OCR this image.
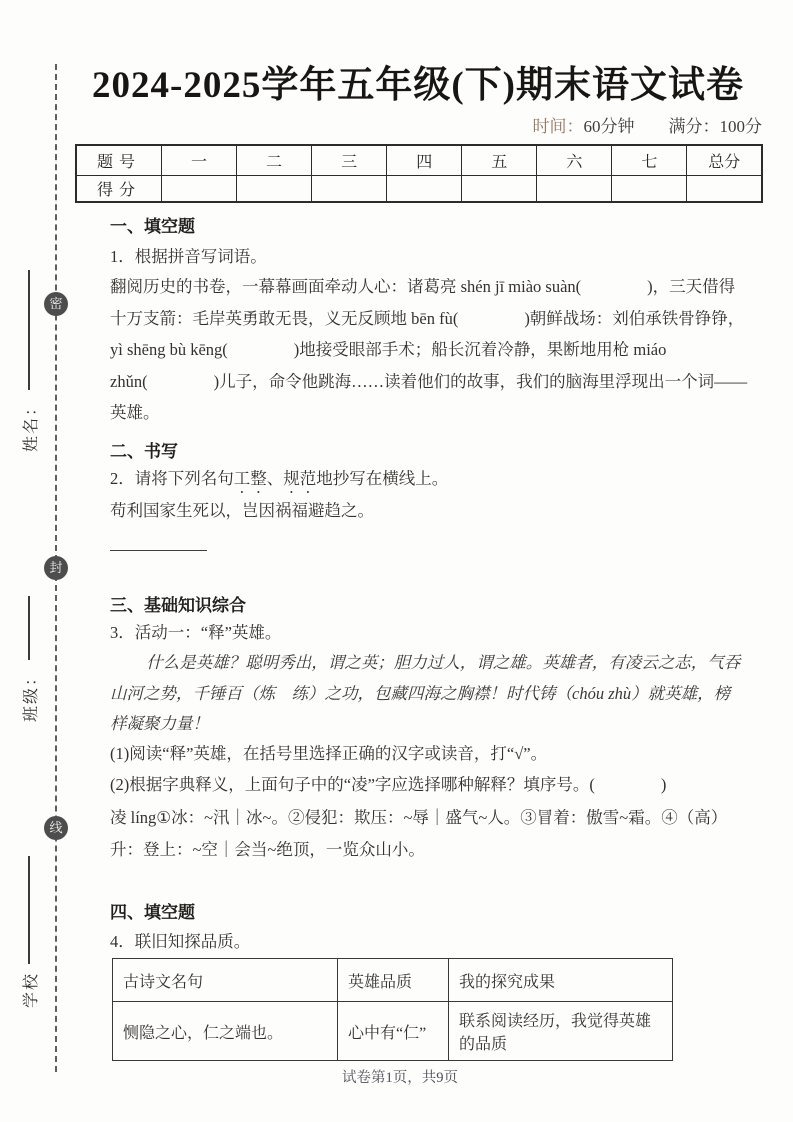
密
封
线
姓名：
班级：
学校
2024-2025学年五年级(下)期末语文试卷
时间：60分钟 满分：100分
题号	一	二	三	四	五	六	七	总分
得分								
一、填空题
1．根据拼音写词语。
翻阅历史的书卷，一幕幕画面牵动人心：诸葛亮 shén jī miào suàn(　　　　)，三天借得
十万支箭：毛岸英勇敢无畏，义无反顾地 bēn fù(　　　　)朝鲜战场：刘伯承铁骨铮铮，
yì shēng bù kēng(　　　　)地接受眼部手术；船长沉着冷静，果断地用枪 miáo
zhǔn(　　　　)儿子，命令他跳海……读着他们的故事，我们的脑海里浮现出一个词——
英雄。
二、书写
2．请将下列名句工整、规范地抄写在横线上。
苟利国家生死以，岂因祸福避趋之。
三、基础知识综合
3．活动一：“释”英雄。
什么是英雄？聪明秀出，谓之英；胆力过人，谓之雄。英雄者，有凌云之志，气吞
山河之势，千锤百（炼　练）之功，包藏四海之胸襟！时代铸（chóu zhù）就英雄，榜
样凝聚力量！
(1)阅读“释”英雄，在括号里选择正确的汉字或读音，打“√”。
(2)根据字典释义，上面句子中的“凌”字应选择哪种解释？填序号。(　　　　)
凌 líng①冰：~汛｜冰~。②侵犯：欺压：~辱｜盛气~人。③冒着：傲雪~霜。④（高）
升：登上：~空｜会当~绝顶，一览众山小。
四、填空题
4．联旧知探品质。
古诗文名句	英雄品质	我的探究成果
恻隐之心，仁之端也。	心中有“仁”	联系阅读经历，我觉得英雄的品质
试卷第1页，共9页
